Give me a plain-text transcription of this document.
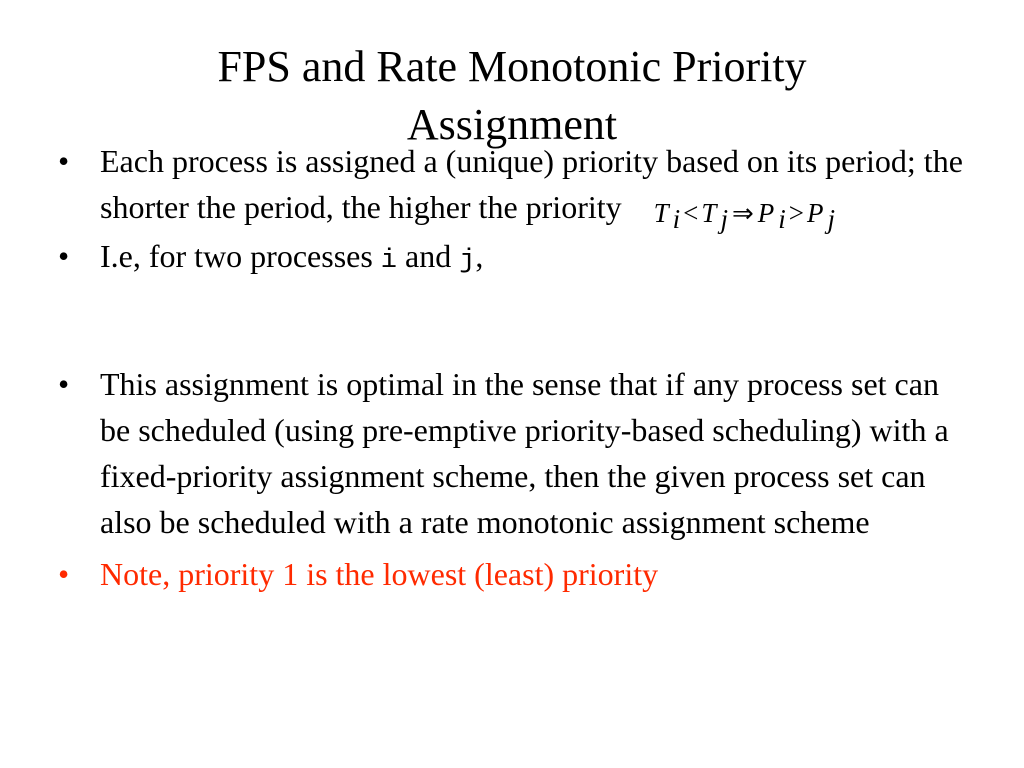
FPS and Rate Monotonic Priority
Assignment
• Each process is assigned a (unique) priority based on its period; the shorter the period, the higher the priority T i < T j ⇒ P i > P j
• I.e, for two processes i and j,
• This assignment is optimal in the sense that if any process set can be scheduled (using pre-emptive priority-based scheduling) with a fixed-priority assignment scheme, then the given process set can also be scheduled with a rate monotonic assignment scheme
• Note, priority 1 is the lowest (least) priority
